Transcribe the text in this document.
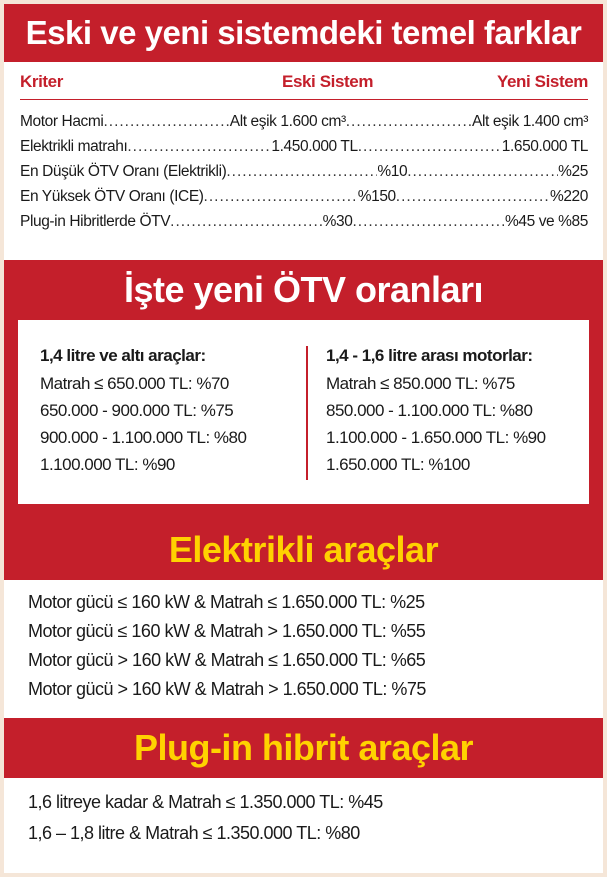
Eski ve yeni sistemdeki temel farklar
Kriter	Eski Sistem	Yeni Sistem
Motor Hacmi .....	Alt eşik 1.600 cm³ .....	Alt eşik 1.400 cm³
Elektrikli matrahı .....	1.450.000 TL .....	1.650.000 TL
En Düşük ÖTV Oranı (Elektrikli) .....	%10 .....	%25
En Yüksek ÖTV Oranı (ICE) .....	%150 .....	%220
Plug-in Hibritlerde ÖTV .....	%30 .....	%45 ve %85
İşte yeni ÖTV oranları
1,4 litre ve altı araçlar:
Matrah ≤ 650.000 TL: %70
650.000 - 900.000 TL: %75
900.000 - 1.100.000 TL: %80
1.100.000 TL: %90
1,4 - 1,6 litre arası motorlar:
Matrah ≤ 850.000 TL: %75
850.000 - 1.100.000 TL: %80
1.100.000 - 1.650.000 TL: %90
1.650.000 TL: %100
Elektrikli araçlar
Motor gücü ≤ 160 kW & Matrah ≤ 1.650.000 TL: %25
Motor gücü ≤ 160 kW & Matrah > 1.650.000 TL: %55
Motor gücü > 160 kW & Matrah ≤ 1.650.000 TL: %65
Motor gücü > 160 kW & Matrah > 1.650.000 TL: %75
Plug-in hibrit araçlar
1,6 litreye kadar & Matrah ≤ 1.350.000 TL: %45
1,6 – 1,8 litre & Matrah ≤ 1.350.000 TL: %80
